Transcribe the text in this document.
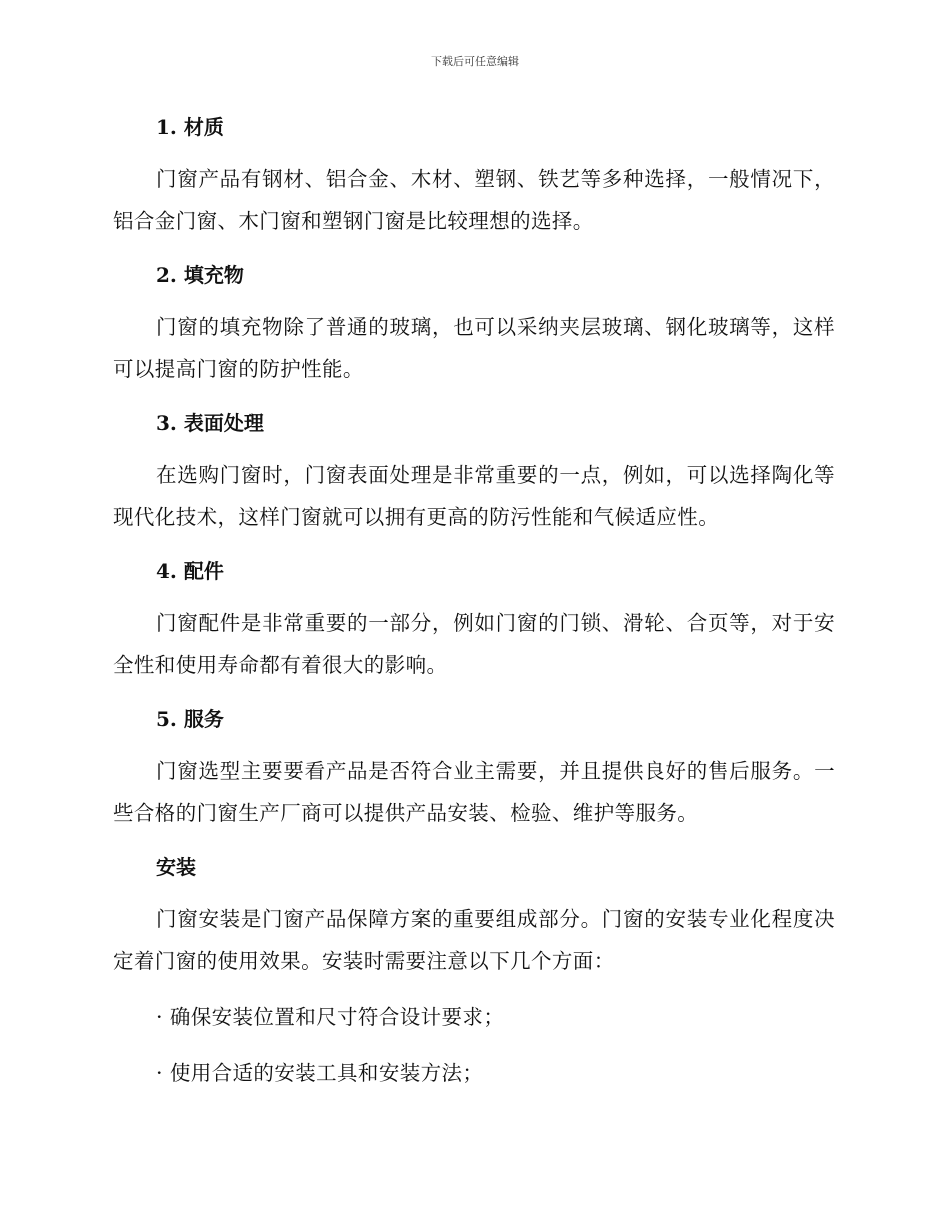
下载后可任意编辑
1. 材质

门窗产品有钢材、铝合金、木材、塑钢、铁艺等多种选择，一般情况下，铝合金门窗、木门窗和塑钢门窗是比较理想的选择。

2. 填充物

门窗的填充物除了普通的玻璃，也可以采纳夹层玻璃、钢化玻璃等，这样可以提高门窗的防护性能。

3. 表面处理

在选购门窗时，门窗表面处理是非常重要的一点，例如，可以选择陶化等现代化技术，这样门窗就可以拥有更高的防污性能和气候适应性。

4. 配件

门窗配件是非常重要的一部分，例如门窗的门锁、滑轮、合页等，对于安全性和使用寿命都有着很大的影响。

5. 服务

门窗选型主要要看产品是否符合业主需要，并且提供良好的售后服务。一些合格的门窗生产厂商可以提供产品安装、检验、维护等服务。

安装

门窗安装是门窗产品保障方案的重要组成部分。门窗的安装专业化程度决定着门窗的使用效果。安装时需要注意以下几个方面：

· 确保安装位置和尺寸符合设计要求；
· 使用合适的安装工具和安装方法；
